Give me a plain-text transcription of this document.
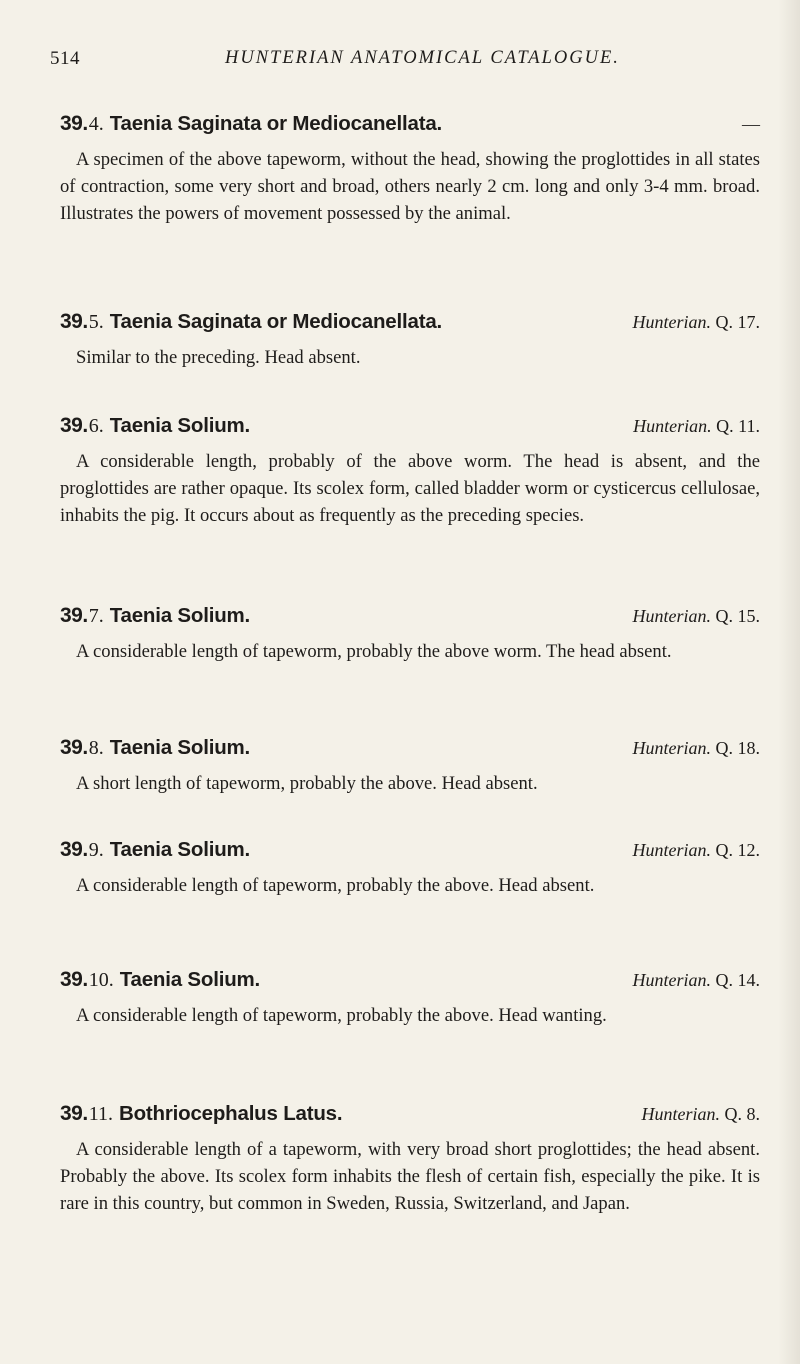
514	HUNTERIAN ANATOMICAL CATALOGUE.
39.4. Taenia Saginata or Mediocanellata.	—

A specimen of the above tapeworm, without the head, showing the proglottides in all states of contraction, some very short and broad, others nearly 2 cm. long and only 3-4 mm. broad. Illustrates the powers of movement possessed by the animal.

39.5. Taenia Saginata or Mediocanellata.	Hunterian. Q. 17.

Similar to the preceding. Head absent.

39.6. Taenia Solium.	Hunterian. Q. 11.

A considerable length, probably of the above worm. The head is absent, and the proglottides are rather opaque. Its scolex form, called bladder worm or cysticercus cellulosae, inhabits the pig. It occurs about as frequently as the preceding species.

39.7. Taenia Solium.	Hunterian. Q. 15.

A considerable length of tapeworm, probably the above worm. The head absent.

39.8. Taenia Solium.	Hunterian. Q. 18.

A short length of tapeworm, probably the above. Head absent.

39.9. Taenia Solium.	Hunterian. Q. 12.

A considerable length of tapeworm, probably the above. Head absent.

39.10. Taenia Solium.	Hunterian. Q. 14.

A considerable length of tapeworm, probably the above. Head wanting.

39.11. Bothriocephalus Latus.	Hunterian. Q. 8.

A considerable length of a tapeworm, with very broad short proglottides; the head absent. Probably the above. Its scolex form inhabits the flesh of certain fish, especially the pike. It is rare in this country, but common in Sweden, Russia, Switzerland, and Japan.
